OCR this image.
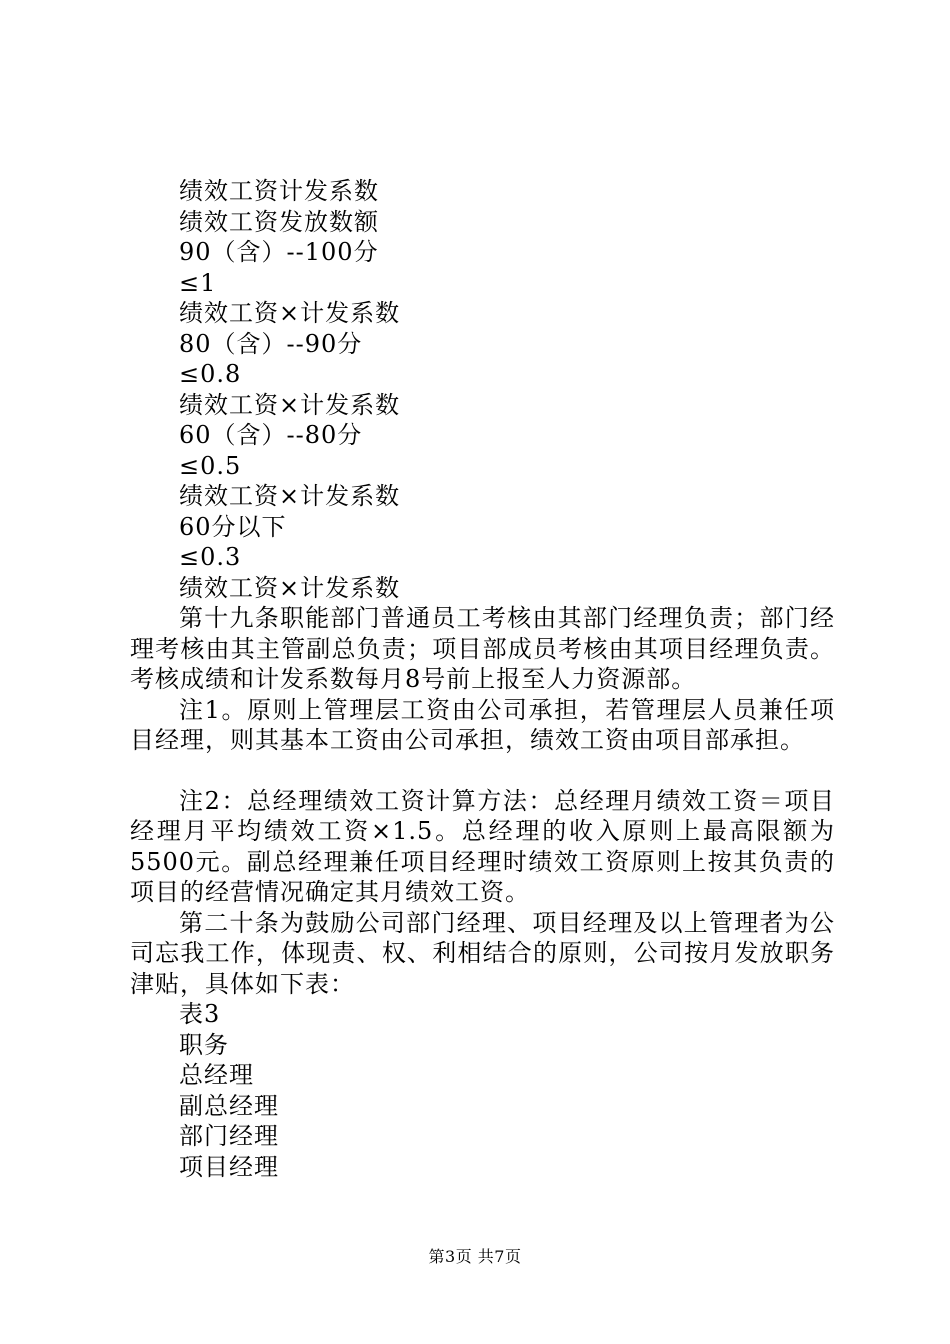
绩效工资计发系数
绩效工资发放数额
90（含）--100分
≤1
绩效工资×计发系数
80（含）--90分
≤0.8
绩效工资×计发系数
60（含）--80分
≤0.5
绩效工资×计发系数
60分以下
≤0.3
绩效工资×计发系数

第十九条职能部门普通员工考核由其部门经理负责；部门经理考核由其主管副总负责；项目部成员考核由其项目经理负责。考核成绩和计发系数每月8号前上报至人力资源部。

注1。原则上管理层工资由公司承担，若管理层人员兼任项目经理，则其基本工资由公司承担，绩效工资由项目部承担。

注2：总经理绩效工资计算方法：总经理月绩效工资＝项目经理月平均绩效工资×1.5。总经理的收入原则上最高限额为5500元。副总经理兼任项目经理时绩效工资原则上按其负责的项目的经营情况确定其月绩效工资。

第二十条为鼓励公司部门经理、项目经理及以上管理者为公司忘我工作，体现责、权、利相结合的原则，公司按月发放职务津贴，具体如下表：

表3
职务
总经理
副总经理
部门经理
项目经理
第3页 共7页
